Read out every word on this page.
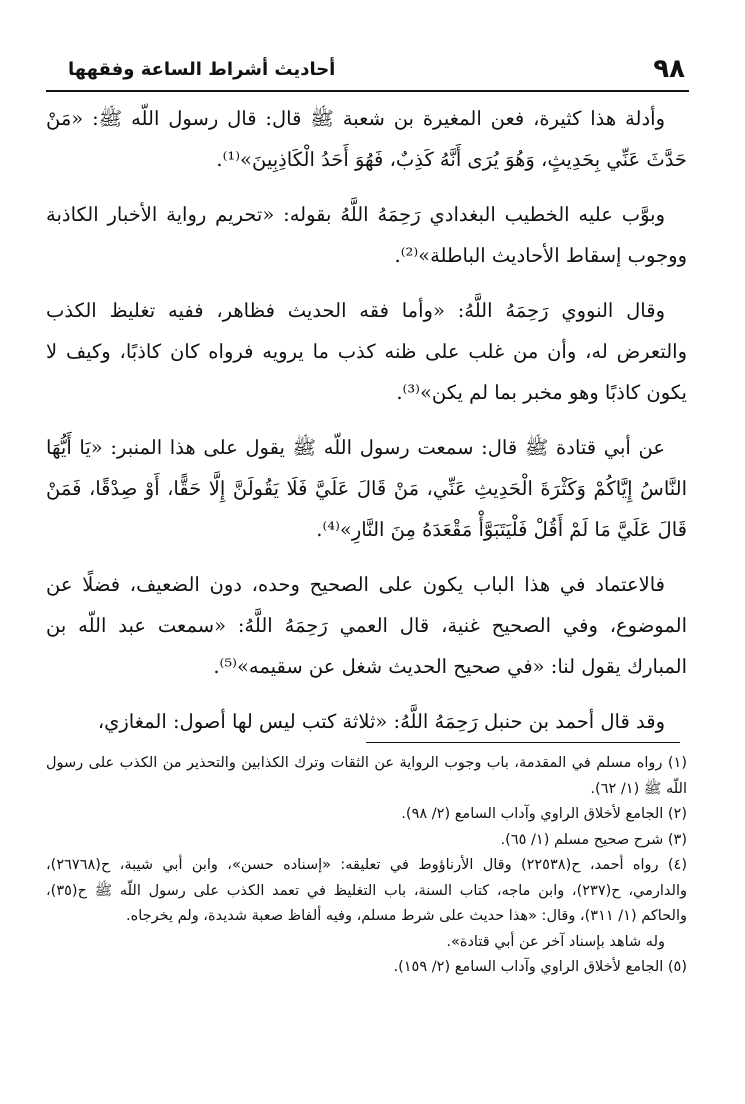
٩٨
أحاديث أشراط الساعة وفقهها

وأدلة هذا كثيرة، فعن المغيرة بن شعبة ﷺ قال: قال رسول اللّه ﷺ: «مَنْ حَدَّثَ عَنِّي بِحَدِيثٍ، وَهُوَ يُرَى أَنَّهُ كَذِبٌ، فَهُوَ أَحَدُ الْكَاذِبِينَ»⁽¹⁾.

وبوَّب عليه الخطيب البغدادي رَحِمَهُ اللَّهُ بقوله: «تحريم رواية الأخبار الكاذبة ووجوب إسقاط الأحاديث الباطلة»⁽²⁾.

وقال النووي رَحِمَهُ اللَّهُ: «وأما فقه الحديث فظاهر، ففيه تغليظ الكذب والتعرض له، وأن من غلب على ظنه كذب ما يرويه فرواه كان كاذبًا، وكيف لا يكون كاذبًا وهو مخبر بما لم يكن»⁽³⁾.

عن أبي قتادة ﷺ قال: سمعت رسول اللّه ﷺ يقول على هذا المنبر: «يَا أَيُّهَا النَّاسُ إِيَّاكُمْ وَكَثْرَةَ الْحَدِيثِ عَنِّي، مَنْ قَالَ عَلَيَّ فَلَا يَقُولَنَّ إِلَّا حَقًّا، أَوْ صِدْقًا، فَمَنْ قَالَ عَلَيَّ مَا لَمْ أَقُلْ فَلْيَتَبَوَّأْ مَقْعَدَهُ مِنَ النَّارِ»⁽⁴⁾.

فالاعتماد في هذا الباب يكون على الصحيح وحده، دون الضعيف، فضلًا عن الموضوع، وفي الصحيح غنية، قال العمي رَحِمَهُ اللَّهُ: «سمعت عبد اللّه بن المبارك يقول لنا: «في صحيح الحديث شغل عن سقيمه»⁽⁵⁾.

وقد قال أحمد بن حنبل رَحِمَهُ اللَّهُ: «ثلاثة كتب ليس لها أصول: المغازي،

(١) رواه مسلم في المقدمة، باب وجوب الرواية عن الثقات وترك الكذابين والتحذير من الكذب على رسول اللّه ﷺ (١/ ٦٢).

(٢) الجامع لأخلاق الراوي وآداب السامع (٢/ ٩٨).

(٣) شرح صحيح مسلم (١/ ٦٥).

(٤) رواه أحمد، ح(٢٢٥٣٨) وقال الأرناؤوط في تعليقه: «إسناده حسن»، وابن أبي شيبة، ح(٢٦٧٦٨)، والدارمي، ح(٢٣٧)، وابن ماجه، كتاب السنة، باب التغليظ في تعمد الكذب على رسول اللّه ﷺ ح(٣٥)، والحاكم (١/ ٣١١)، وقال: «هذا حديث على شرط مسلم، وفيه ألفاظ صعبة شديدة، ولم يخرجاه.

وله شاهد بإسناد آخر عن أبي قتادة».

(٥) الجامع لأخلاق الراوي وآداب السامع (٢/ ١٥٩).
